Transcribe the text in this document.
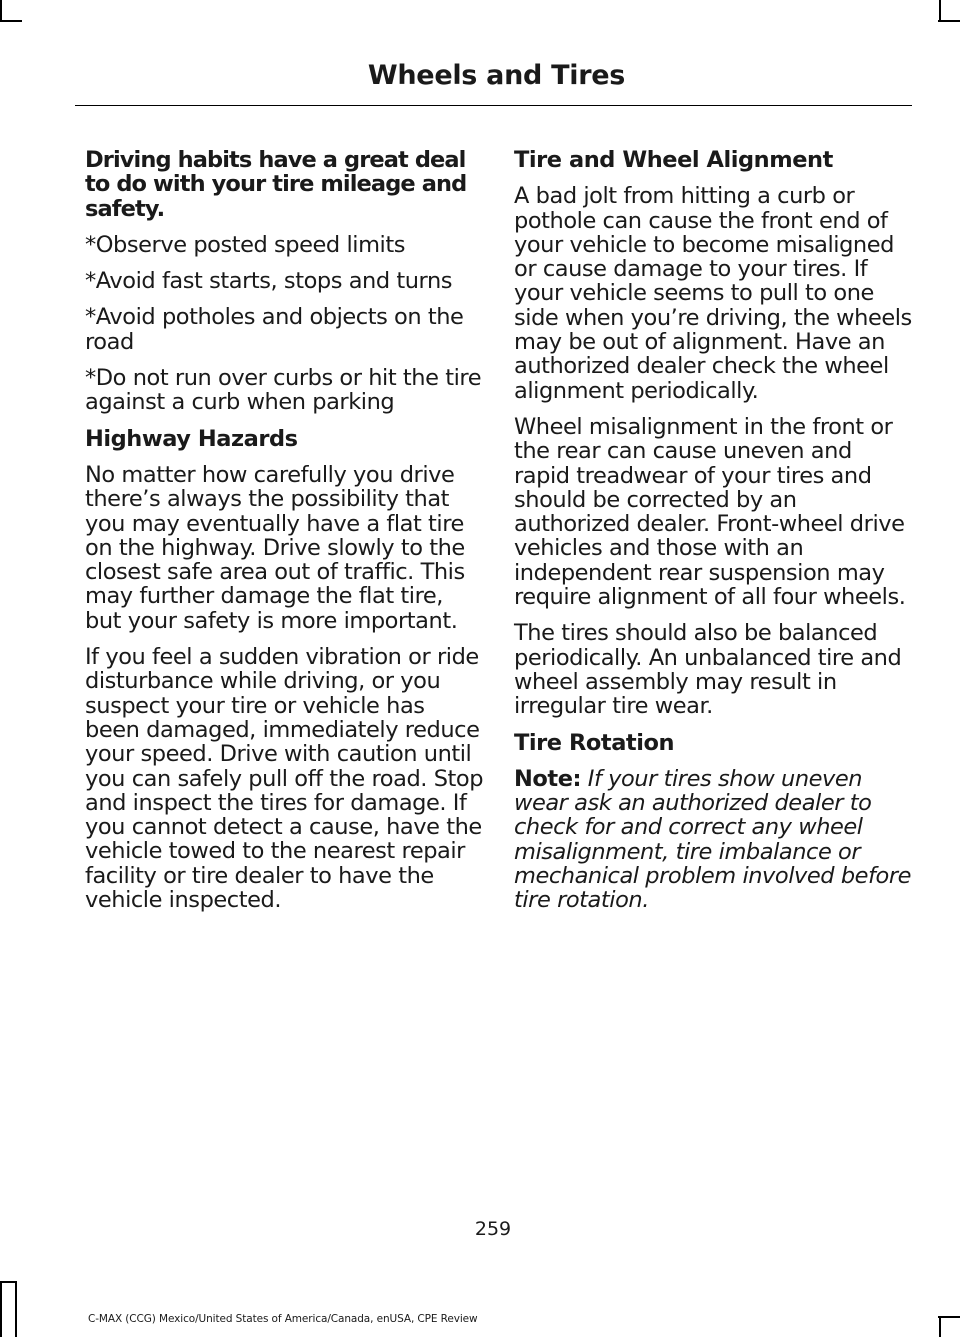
Wheels and Tires

Driving habits have a great deal to do with your tire mileage and safety.

*Observe posted speed limits

*Avoid fast starts, stops and turns

*Avoid potholes and objects on the road

*Do not run over curbs or hit the tire against a curb when parking

Highway Hazards

No matter how carefully you drive there’s always the possibility that you may eventually have a flat tire on the highway. Drive slowly to the closest safe area out of traffic. This may further damage the flat tire, but your safety is more important.

If you feel a sudden vibration or ride disturbance while driving, or you suspect your tire or vehicle has been damaged, immediately reduce your speed. Drive with caution until you can safely pull off the road. Stop and inspect the tires for damage. If you cannot detect a cause, have the vehicle towed to the nearest repair facility or tire dealer to have the vehicle inspected.

Tire and Wheel Alignment

A bad jolt from hitting a curb or pothole can cause the front end of your vehicle to become misaligned or cause damage to your tires. If your vehicle seems to pull to one side when you’re driving, the wheels may be out of alignment. Have an authorized dealer check the wheel alignment periodically.

Wheel misalignment in the front or the rear can cause uneven and rapid treadwear of your tires and should be corrected by an authorized dealer. Front-wheel drive vehicles and those with an independent rear suspension may require alignment of all four wheels.

The tires should also be balanced periodically. An unbalanced tire and wheel assembly may result in irregular tire wear.

Tire Rotation

Note: If your tires show uneven wear ask an authorized dealer to check for and correct any wheel misalignment, tire imbalance or mechanical problem involved before tire rotation.

259
C-MAX (CCG) Mexico/United States of America/Canada, enUSA, CPE Review
